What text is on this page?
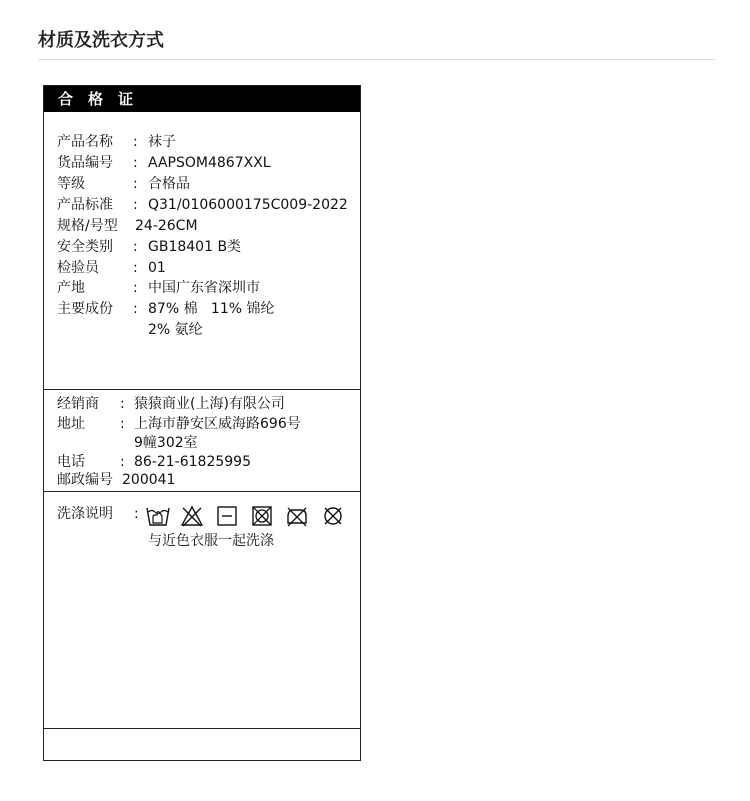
材质及洗衣方式
合格证
产品名称 : 袜子
货品编号 : AAPSOM4867XXL
等级	: 合格品
产品标准 : Q31/0106000175C009-2022
规格/号型 24-26CM
安全类别 : GB18401 B类
检验员 : 01
产地	: 中国广东省深圳市
主要成份 : 87% 棉   11% 锦纶
2% 氨纶
经销商 : 猿猿商业(上海)有限公司
地址	: 上海市静安区威海路696号
9幢302室
电话	: 86-21-61825995
邮政编号 200041
洗涤说明 :
与近色衣服一起洗涤
